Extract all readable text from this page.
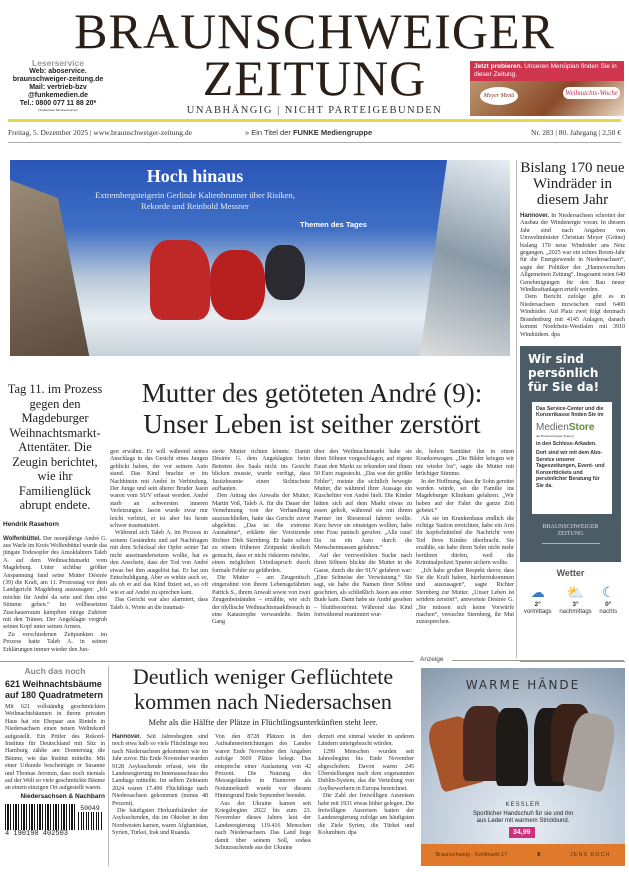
BRAUNSCHWEIGER
ZEITUNG
UNABHÄNGIG | NICHT PARTEIGEBUNDEN
Leserservice
Web: aboservice.
braunschweiger-zeitung.de
Mail: vertrieb-bzv
@funkemedien.de
Tel.: 0800 077 11 88 20*
(*kostenlose Servicenummer)
Jetzt probieren. Unseren Menüplan finden Sie in dieser Zeitung.
Meyer Menü	Weihnachts-Woche
Freitag, 5. Dezember 2025 | www.braunschweiger-zeitung.de	» Ein Titel der FUNKE Mediengruppe	Nr. 283 | 80. Jahrgang | 2,50 €
Hoch hinaus

Extrembergsteigerin Gerlinde Kaltenbrunner über Risiken, Rekorde und Reinhold Messner

Themen des Tages
Bislang 170 neue Windräder in diesem Jahr

Hannover. In Niedersachsen schreitet der Ausbau der Windenergie voran: In diesem Jahr sind nach Angaben von Umweltminister Christian Meyer (Grüne) bislang 170 neue Windräder ans Netz gegangen. „2025 war ein echtes Boom-Jahr für die Energiewende in Niedersachsen“, sagte der Politiker der „Hannoverschen Allgemeinen Zeitung“. Insgesamt seien 640 Genehmigungen für den Bau neuer Windkraftanlagen erteilt worden.

Dem Bericht zufolge gibt es in Niedersachsen inzwischen rund 6400 Windräder. Auf Platz zwei folgt demnach Brandenburg mit 4145 Anlagen, danach kommt Nordrhein-Westfalen mit 3910 Windrädern. dpa

Wir sind persönlich für Sie da!
Das Service-Center und die Konzertkasse finden Sie im
MedienStore
der Braunschweiger Zeitung
in den Schloss-Arkaden.
Dort sind wir mit dem Abo-Service unserer Tageszeitungen, Event- und Konzerttickets und persönlicher Beratung für Sie da.
BRAUNSCHWEIGER
ZEITUNG
Wetter
☁
2°
vormittags
⛅
3°
nachmittags
☾
0°
nachts
Tag 11. im Prozess gegen den Magdeburger Weihnachtsmarkt-Attentäter. Die Zeugin berichtet, wie ihr Familienglück abrupt endete.
Hendrik Rasehorn

Wolfenbüttel. Der neunjährige André G. aus Warle im Kreis Wolfenbüttel wurde das jüngste Todesopfer des Amokfahrers Taleb A. auf dem Weihnachtsmarkt vom Magdeburg. Unter sichtbar größter Anspannung fand seine Mutter Désirée (39) die Kraft, am 11. Prozesstag vor dem Landgericht Magdeburg auszusagen: „Ich möchte für André da sein und ihm eine Stimme geben.“ Im vollbesetzten Zuschauerraum kämpften einige Zuhörer mit den Tränen. Der Angeklagte vergrub seinen Kopf unter seinen Armen.

Zu verschiedenen Zeitpunkten im Prozess hatte Taleb A. in seinen Erklärungen immer wieder den Jun-

Mutter des getöteten André (9): Unser Leben ist seither zerstört

gen erwähnt. Er will während seines Anschlags in das Gesicht eines Jungen geblickt haben, der vor seinem Auto stand. Das Kind brachte er im Nachhinein mit André in Verbindung. Der Junge und sein älterer Bruder Jason waren vom SUV erfasst worden. André starb an schwersten inneren Verletzungen. Jason wurde zwar nur leicht verletzt, er ist aber bis heute schwer traumatisiert.

Während sich Taleb A. im Prozess in seinem Geständnis und auf Nachfragen mit dem Schicksal der Opfer seiner Tat nicht auseinandersetzen wollte, hat es den Anschein, dass der Tod von André etwas bei ihm ausgelöst hat. Er bat um Entschuldigung. Aber es wirkte auch so, als ob er auf das Kind fixiert sei, so oft wie er auf André zu sprechen kam.

Das Gericht war also alarmiert, dass Taleb A. Worte an die traumati-

sierte Mutter richten könnte. Damit Désirée G. dem Angeklagten beim Betreten des Saals nicht ins Gesicht blicken musste, wurde verfügt, dass Justizbeamte einen Sichtschutz aufbauten.

Den Antrag des Anwalts der Mutter, Martin Voß, Taleb A. für die Dauer der Vernehmung von der Verhandlung auszuschließen, hatte das Gericht zuvor abgelehnt. „Das ist die extreme Ausnahme“, erklärte der Vorsitzende Richter Dirk Sternberg. Er hatte schon zu einem früheren Zeitpunkt deutlich gemacht, dass er nicht riskieren möchte, einen möglichen Urteilsspruch durch formale Fehler zu gefährden.

Die Mutter – am Zeugentisch eingerahmt von ihrem Lebensgefährten Patrick S., ihrem Anwalt sowie von zwei Zeugenbeiständen – erzählte, wie sich der idyllische Weihnachtsmarktbesuch in eine Katastrophe verwandelte. Beim Gang

über den Weihnachtsmarkt habe sie ihren Söhnen vorgeschlagen, auf eigene Faust den Markt zu erkunden und ihnen 50 Euro zugesteckt. „Das war der größte Fehler“, meinte die sichtlich bewegte Mutter, die während ihrer Aussage ein Kuscheltier von André hielt. Die Kinder hätten sich auf dem Markt etwas zu essen geholt, während sie mit ihrem Partner im Riesenrad fahren wollte. Kurz bevor sie einsteigen wollten, habe eine Frau panisch gerufen: „Alle raus! Da ist ein Auto durch die Menschenmassen gefahren.“

Auf der verzweifelten Suche nach ihren Söhnen blickte die Mutter in die Gasse, durch die der SUV gefahren war: „Eine Schneise der Verwüstung.“ Sie sagt, sie habe die Namen ihrer Söhne geschrien, als schließlich Jason aus einer Bude kam. Dann habe sie André gesehen – blutüberströmt. Während das Kind fortwährend reanimiert wur-

de, hoben Sanitäter ihn in einen Krankenwagen. „Die Bilder kriegen wir nie wieder los“, sagte die Mutter mit brüchiger Stimme.

In der Hoffnung, dass ihr Sohn gerettet werden würde, sei die Familie ins Magdeburger Klinikum gefahren. „Wir haben auf der Fahrt die ganze Zeit gebetet.“

Als sie im Krankenhaus endlich die richtige Station erreichten, habe ein Arzt ihr kopfschüttelnd die Nachricht vom Tod ihres Kindes überbracht. Sie erzählte, sie habe ihren Sohn nicht mehr berühren dürfen, weil die Kriminalpolizei Spuren sichern wollte.

„Ich habe großen Respekt davor, dass Sie die Kraft haben, hierherzukommen und auszusagen“, sagte Richter Sternberg zur Mutter. „Unser Leben ist seitdem zerstört“, antwortete Désirée G. „Sie müssen sich keine Vorwürfe machen“, versuchte Sternberg, ihr Mut zuzusprechen.

Auch das noch
621 Weihnachtsbäume auf 180 Quadratmetern
Mit 621 vollständig geschmückten Weihnachtsbäumen in ihrem privaten Haus hat ein Ehepaar aus Rinteln in Niedersachsen einen neuen Weltrekord aufgestellt. Ein Prüfer des Rekord-Instituts für Deutschland mit Sitz in Hamburg zählte am Donnerstag die Bäume, wie das Institut mitteilte. Mit einer Urkunde bescheinigte er Susanne und Thomas Jeromin, dass noch niemals auf der Welt so viele geschmückte Bäume an einem einzigen Ort aufgestellt waren.
Niedersachsen & Nachbarn
50049
4 190190 402503
Deutlich weniger Geflüchtete kommen nach Niedersachsen
Mehr als die Hälfte der Plätze in Flüchtlingsunterkünften steht leer.

Hannover. Seit Jahresbeginn sind noch etwa halb so viele Flüchtlinge neu nach Niedersachsen gekommen wie im Jahr zuvor. Bis Ende November wurden 9128 Asylsuchende erfasst, wie die Landesregierung im Innenausschuss des Landtags mitteilte. Im selben Zeitraum 2024 waren 17.499 Flüchtlinge nach Niedersachsen gekommen (minus 48 Prozent).

Die häufigsten Herkunftsländer der Asylsuchenden, die im Oktober in den Nordwesten kamen, waren Afghanistan, Syrien, Türkei, Irak und Ruanda.

Von den 8728 Plätzen in den Aufnahmeeinrichtungen des Landes waren Ende November den Angaben zufolge 3669 Plätze belegt. Das entspreche einer Auslastung von 42 Prozent. Die Nutzung des Messegeländes in Hannover als Notunterkunft wurde vor diesem Hintergrund Ende September beendet.

Aus der Ukraine kamen seit Kriegsbeginn 2022 bis zum 23. November dieses Jahres laut der Landesregierung 119.416 Menschen nach Niedersachsen. Das Land liege damit über seinem Soll, sodass Schutzsuchende aus der Ukraine

derzeit erst einmal wieder in anderen Ländern untergebracht würden.

1299 Menschen wurden seit Jahresbeginn bis Ende November abgeschoben. Davon waren 245 Überstellungen nach dem sogenannten Dublin-System, das die Verteilung von Asylbewerbern in Europa bezeichnet.

Die Zahl der freiwilligen Ausreisen habe mit 1931 etwas höher gelegen. Die freiwilligen Ausreisen hatten der Landesregierung zufolge am häufigsten die Ziele Syrien, die Türkei und Kolumbien. dpa

Anzeige
WARME HÄNDE
KESSLER
Sportlicher Handschuh für sie und ihn
aus Leder mit warmem Strickbund.
34,99
Braunschweig · Kohlmarkt 17	♜	JENS KOCH
